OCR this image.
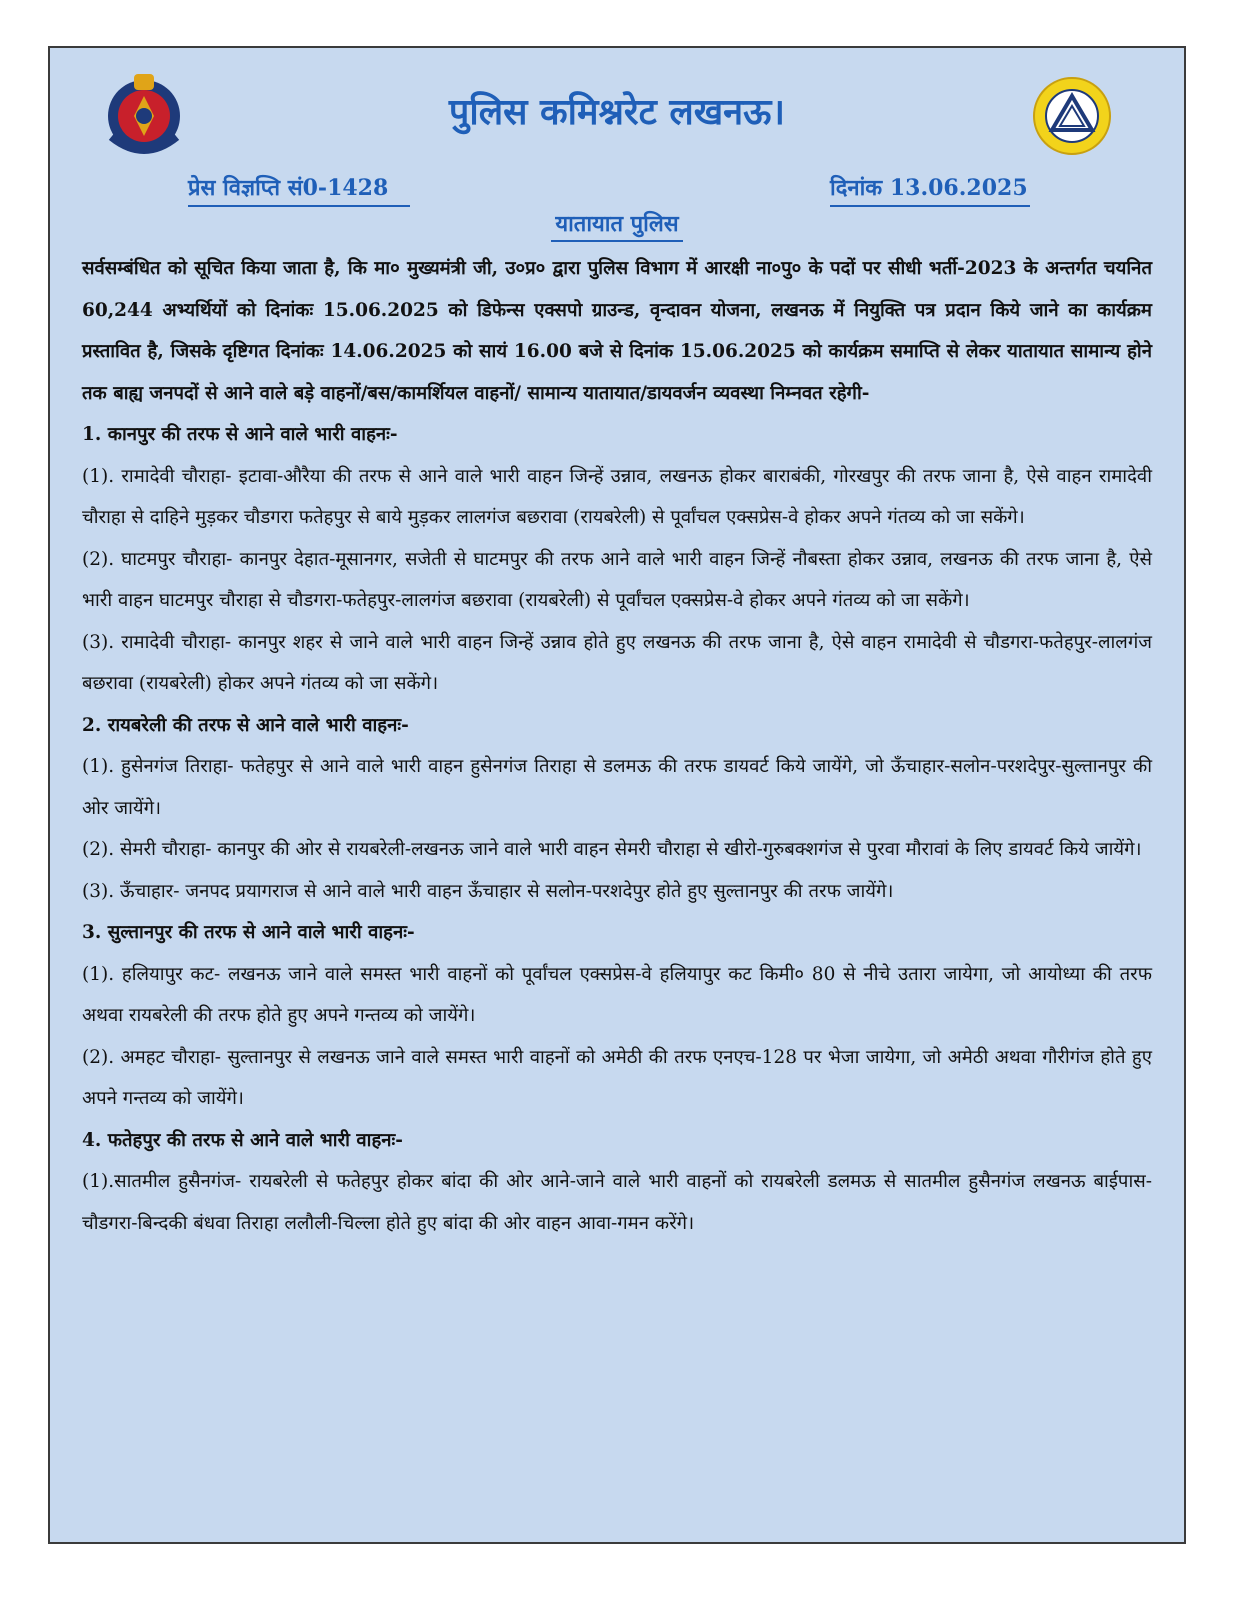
पुलिस कमिश्नरेट लखनऊ।
प्रेस विज्ञप्ति सं0-1428	दिनांक 13.06.2025
यातायात पुलिस

सर्वसम्बंधित को सूचित किया जाता है, कि मा० मुख्यमंत्री जी, उ०प्र० द्वारा पुलिस विभाग में आरक्षी ना०पु० के पदों पर सीधी भर्ती-2023 के अन्तर्गत चयनित 60,244 अभ्यर्थियों को दिनांकः 15.06.2025 को डिफेन्स एक्सपो ग्राउन्ड, वृन्दावन योजना, लखनऊ में नियुक्ति पत्र प्रदान किये जाने का कार्यक्रम प्रस्तावित है, जिसके दृष्टिगत दिनांकः 14.06.2025 को सायं 16.00 बजे से दिनांक 15.06.2025 को कार्यक्रम समाप्ति से लेकर यातायात सामान्य होने तक बाह्य जनपदों से आने वाले बड़े वाहनों/बस/कामर्शियल वाहनों/ सामान्य यातायात/डायवर्जन व्यवस्था निम्नवत रहेगी-

1. कानपुर की तरफ से आने वाले भारी वाहनः-

(1). रामादेवी चौराहा- इटावा-औरैया की तरफ से आने वाले भारी वाहन जिन्हें उन्नाव, लखनऊ होकर बाराबंकी, गोरखपुर की तरफ जाना है, ऐसे वाहन रामादेवी चौराहा से दाहिने मुड़कर चौडगरा फतेहपुर से बाये मुड़कर लालगंज बछरावा (रायबरेली) से पूर्वांचल एक्सप्रेस-वे होकर अपने गंतव्य को जा सकेंगे।

(2). घाटमपुर चौराहा- कानपुर देहात-मूसानगर, सजेती से घाटमपुर की तरफ आने वाले भारी वाहन जिन्हें नौबस्ता होकर उन्नाव, लखनऊ की तरफ जाना है, ऐसे भारी वाहन घाटमपुर चौराहा से चौडगरा-फतेहपुर-लालगंज बछरावा (रायबरेली) से पूर्वांचल एक्सप्रेस-वे होकर अपने गंतव्य को जा सकेंगे।

(3). रामादेवी चौराहा- कानपुर शहर से जाने वाले भारी वाहन जिन्हें उन्नाव होते हुए लखनऊ की तरफ जाना है, ऐसे वाहन रामादेवी से चौडगरा-फतेहपुर-लालगंज बछरावा (रायबरेली) होकर अपने गंतव्य को जा सकेंगे।

2. रायबरेली की तरफ से आने वाले भारी वाहनः-

(1). हुसेनगंज तिराहा- फतेहपुर से आने वाले भारी वाहन हुसेनगंज तिराहा से डलमऊ की तरफ डायवर्ट किये जायेंगे, जो ऊँचाहार-सलोन-परशदेपुर-सुल्तानपुर की ओर जायेंगे।

(2). सेमरी चौराहा- कानपुर की ओर से रायबरेली-लखनऊ जाने वाले भारी वाहन सेमरी चौराहा से खीरो-गुरुबक्शगंज से पुरवा मौरावां के लिए डायवर्ट किये जायेंगे।

(3). ऊँचाहार- जनपद प्रयागराज से आने वाले भारी वाहन ऊँचाहार से सलोन-परशदेपुर होते हुए सुल्तानपुर की तरफ जायेंगे।

3. सुल्तानपुर की तरफ से आने वाले भारी वाहनः-

(1). हलियापुर कट- लखनऊ जाने वाले समस्त भारी वाहनों को पूर्वांचल एक्सप्रेस-वे हलियापुर कट किमी० 80 से नीचे उतारा जायेगा, जो आयोध्या की तरफ अथवा रायबरेली की तरफ होते हुए अपने गन्तव्य को जायेंगे।

(2). अमहट चौराहा- सुल्तानपुर से लखनऊ जाने वाले समस्त भारी वाहनों को अमेठी की तरफ एनएच-128 पर भेजा जायेगा, जो अमेठी अथवा गौरीगंज होते हुए अपने गन्तव्य को जायेंगे।

4. फतेहपुर की तरफ से आने वाले भारी वाहनः-

(1).सातमील हुसैनगंज- रायबरेली से फतेहपुर होकर बांदा की ओर आने-जाने वाले भारी वाहनों को रायबरेली डलमऊ से सातमील हुसैनगंज लखनऊ बाईपास-चौडगरा-बिन्दकी बंधवा तिराहा ललौली-चिल्ला होते हुए बांदा की ओर वाहन आवा-गमन करेंगे।
